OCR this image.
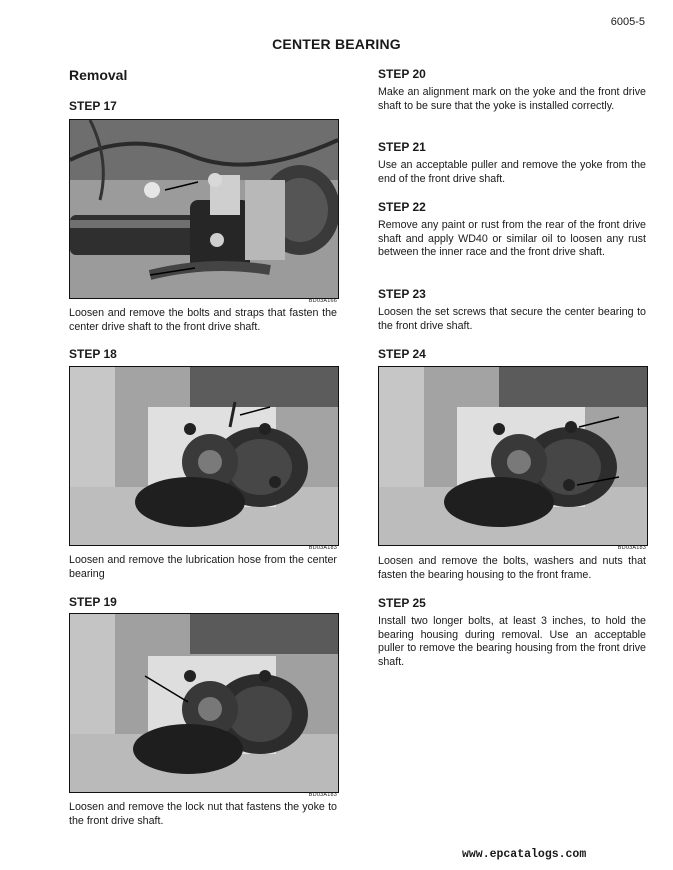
6005-5
CENTER BEARING
Removal
STEP 17
BD03A166
Loosen and remove the bolts and straps that fasten the center drive shaft to the front drive shaft.
STEP 18
BD03A183
Loosen and remove the lubrication hose from the center bearing
STEP 19
BD03A183
Loosen and remove the lock nut that fastens the yoke to the front drive shaft.
STEP 20
Make an alignment mark on the yoke and the front drive shaft to be sure that the yoke is installed correctly.
STEP 21
Use an acceptable puller and remove the yoke from the end of the front drive shaft.
STEP 22
Remove any paint or rust from the rear of the front drive shaft and apply WD40 or similar oil to loosen any rust between the inner race and the front drive shaft.
STEP 23
Loosen the set screws that secure the center bearing to the front drive shaft.
STEP 24
BD03A183
Loosen and remove the bolts, washers and nuts that fasten the bearing housing to the front frame.
STEP 25
Install two longer bolts, at least 3 inches, to hold the bearing housing during removal. Use an acceptable puller to remove the bearing housing from the front drive shaft.
www.epcatalogs.com
